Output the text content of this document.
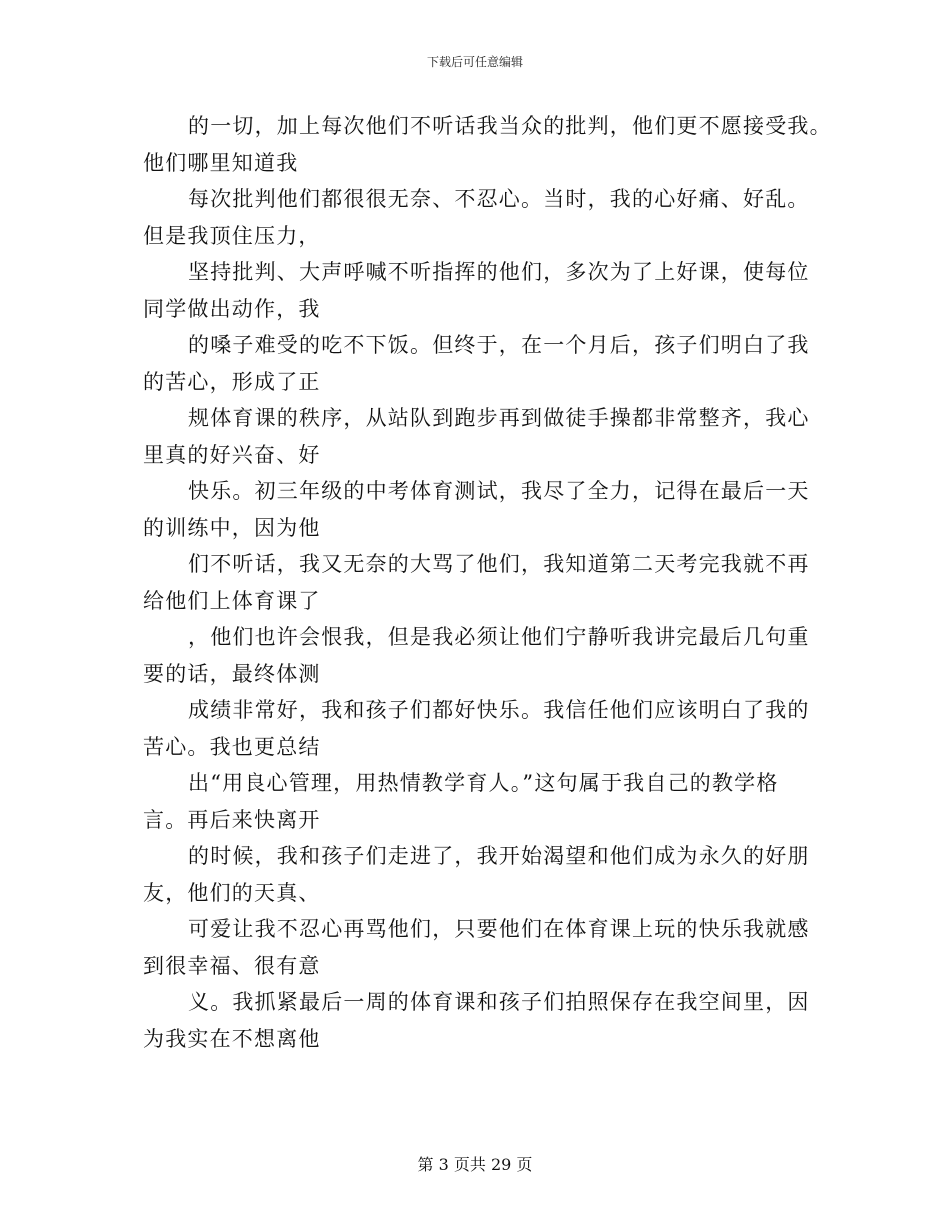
下载后可任意编辑

的一切，加上每次他们不听话我当众的批判，他们更不愿接受我。
他们哪里知道我

每次批判他们都很很无奈、不忍心。当时，我的心好痛、好乱。
但是我顶住压力，

坚持批判、大声呼喊不听指挥的他们，多次为了上好课，使每位
同学做出动作，我

的嗓子难受的吃不下饭。但终于，在一个月后，孩子们明白了我
的苦心，形成了正

规体育课的秩序，从站队到跑步再到做徒手操都非常整齐，我心
里真的好兴奋、好

快乐。初三年级的中考体育测试，我尽了全力，记得在最后一天
的训练中，因为他

们不听话，我又无奈的大骂了他们，我知道第二天考完我就不再
给他们上体育课了

，他们也许会恨我，但是我必须让他们宁静听我讲完最后几句重
要的话，最终体测

成绩非常好，我和孩子们都好快乐。我信任他们应该明白了我的
苦心。我也更总结

出“用良心管理，用热情教学育人。”这句属于我自己的教学格
言。再后来快离开

的时候，我和孩子们走进了，我开始渴望和他们成为永久的好朋
友，他们的天真、

可爱让我不忍心再骂他们，只要他们在体育课上玩的快乐我就感
到很幸福、很有意

义。我抓紧最后一周的体育课和孩子们拍照保存在我空间里，因
为我实在不想离他

第 3 页共 29 页
